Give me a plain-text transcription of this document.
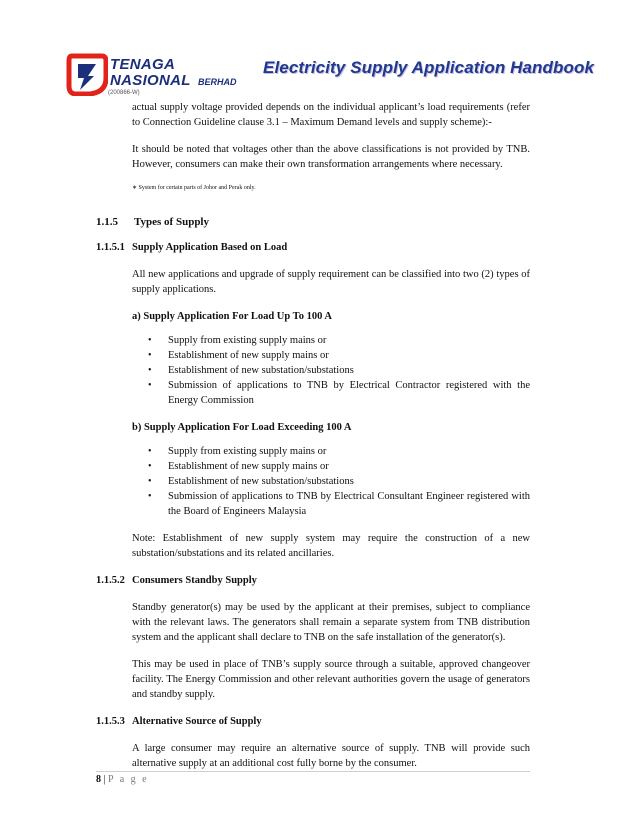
TENAGA
NASIONAL BERHAD
(200866-W)
Electricity Supply Application Handbook

actual supply voltage provided depends on the individual applicant’s load requirements (refer to Connection Guideline clause 3.1 – Maximum Demand levels and supply scheme):-

It should be noted that voltages other than the above classifications is not provided by TNB. However, consumers can make their own transformation arrangements where necessary.

∗ System for certain parts of Johor and Perak only.

1.1.5 Types of Supply

1.1.5.1 Supply Application Based on Load

All new applications and upgrade of supply requirement can be classified into two (2) types of supply applications.

a) Supply Application For Load Up To 100 A

• Supply from existing supply mains or
• Establishment of new supply mains or
• Establishment of new substation/substations
• Submission of applications to TNB by Electrical Contractor registered with the Energy Commission

b) Supply Application For Load Exceeding 100 A

• Supply from existing supply mains or
• Establishment of new supply mains or
• Establishment of new substation/substations
• Submission of applications to TNB by Electrical Consultant Engineer registered with the Board of Engineers Malaysia

Note: Establishment of new supply system may require the construction of a new substation/substations and its related ancillaries.

1.1.5.2 Consumers Standby Supply

Standby generator(s) may be used by the applicant at their premises, subject to compliance with the relevant laws. The generators shall remain a separate system from TNB distribution system and the applicant shall declare to TNB on the safe installation of the generator(s).

This may be used in place of TNB’s supply source through a suitable, approved changeover facility. The Energy Commission and other relevant authorities govern the usage of generators and standby supply.

1.1.5.3 Alternative Source of Supply

A large consumer may require an alternative source of supply. TNB will provide such alternative supply at an additional cost fully borne by the consumer.

8 | P a g e
